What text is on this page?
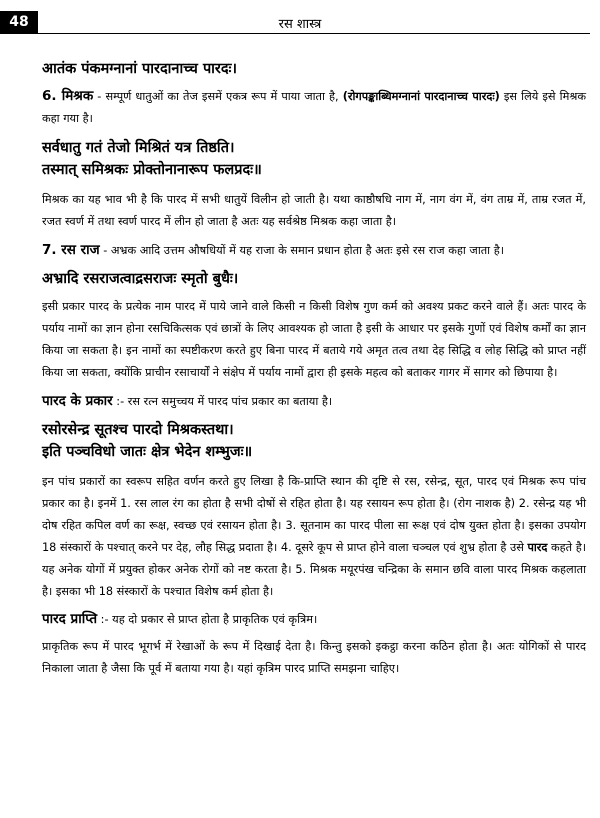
48	रस शास्त्र

आतंक पंकमग्नानां पारदानाच्च पारदः।

6. मिश्रक - सम्पूर्ण धातुओं का तेज इसमें एकत्र रूप में पाया जाता है, (रोगपङ्काब्धिमग्नानां पारदानाच्च पारदः) इस लिये इसे मिश्रक कहा गया है।

सर्वधातु गतं तेजो मिश्रितं यत्र तिष्ठति।

तस्मात् समिश्रकः प्रोक्तोनानारूप फलप्रदः॥

मिश्रक का यह भाव भी है कि पारद में सभी धातुयें विलीन हो जाती है। यथा काष्ठौषधि नाग में, नाग वंग में, वंग ताम्र में, ताम्र रजत में, रजत स्वर्ण में तथा स्वर्ण पारद में लीन हो जाता है अतः यह सर्वश्रेष्ठ मिश्रक कहा जाता है।

7. रस राज - अभ्रक आदि उत्तम औषधियों में यह राजा के समान प्रधान होता है अतः इसे रस राज कहा जाता है।

अभ्रादि रसराजत्वाद्रसराजः स्मृतो बुधैः।

इसी प्रकार पारद के प्रत्येक नाम पारद में पाये जाने वाले किसी न किसी विशेष गुण कर्म को अवश्य प्रकट करने वाले हैं। अतः पारद के पर्याय नामों का ज्ञान होना रसचिकित्सक एवं छात्रों के लिए आवश्यक हो जाता है इसी के आधार पर इसके गुणों एवं विशेष कर्मों का ज्ञान किया जा सकता है। इन नामों का स्पष्टीकरण करते हुए बिना पारद में बताये गये अमृत तत्व तथा देह सिद्धि व लोह सिद्धि को प्राप्त नहीं किया जा सकता, क्योंकि प्राचीन रसाचार्यों ने संक्षेप में पर्याय नामों द्वारा ही इसके महत्व को बताकर गागर में सागर को छिपाया है।

पारद के प्रकार :- रस रत्न समुच्चय में पारद पांच प्रकार का बताया है।

रसोरसेन्द्र सूतश्च पारदो मिश्रकस्तथा।

इति पञ्चविधो जातः क्षेत्र भेदेन शम्भुजः॥

इन पांच प्रकारों का स्वरूप सहित वर्णन करते हुए लिखा है कि-प्राप्ति स्थान की दृष्टि से रस, रसेन्द्र, सूत, पारद एवं मिश्रक रूप पांच प्रकार का है। इनमें 1. रस लाल रंग का होता है सभी दोषों से रहित होता है। यह रसायन रूप होता है। (रोग नाशक है) 2. रसेन्द्र यह भी दोष रहित कपिल वर्ण का रूक्ष, स्वच्छ एवं रसायन होता है। 3. सूतनाम का पारद पीला सा रूक्ष एवं दोष युक्त होता है। इसका उपयोग 18 संस्कारों के पश्चात् करने पर देह, लौह सिद्ध प्रदाता है। 4. दूसरे कूप से प्राप्त होने वाला चञ्चल एवं शुभ्र होता है उसे पारद कहते है। यह अनेक योगों में प्रयुक्त होकर अनेक रोगों को नष्ट करता है। 5. मिश्रक मयूरपंख चन्द्रिका के समान छवि वाला पारद मिश्रक कहलाता है। इसका भी 18 संस्कारों के पश्चात विशेष कर्म होता है।

पारद प्राप्ति :- यह दो प्रकार से प्राप्त होता है प्राकृतिक एवं कृत्रिम।

प्राकृतिक रूप में पारद भूगर्भ में रेखाओं के रूप में दिखाई देता है। किन्तु इसको इकट्ठा करना कठिन होता है। अतः योगिकों से पारद निकाला जाता है जैसा कि पूर्व में बताया गया है। यहां कृत्रिम पारद प्राप्ति समझना चाहिए।
